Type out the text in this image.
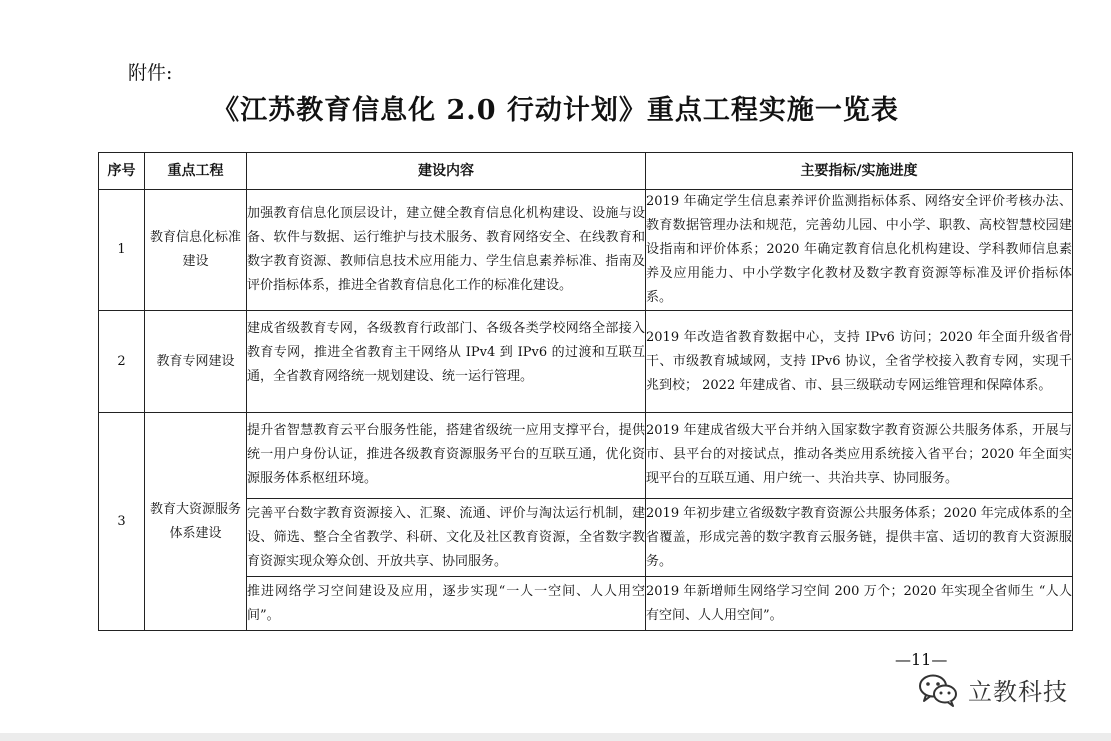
附件:
《江苏教育信息化 2.0 行动计划》重点工程实施一览表
序号	重点工程	建设内容	主要指标/实施进度
1	教育信息化标准建设	加强教育信息化顶层设计，建立健全教育信息化机构建设、设施与设备、软件与数据、运行维护与技术服务、教育网络安全、在线教育和数字教育资源、教师信息技术应用能力、学生信息素养标准、指南及评价指标体系，推进全省教育信息化工作的标准化建设。	2019 年确定学生信息素养评价监测指标体系、网络安全评价考核办法、教育数据管理办法和规范，完善幼儿园、中小学、职教、高校智慧校园建设指南和评价体系；2020 年确定教育信息化机构建设、学科教师信息素养及应用能力、中小学数字化教材及数字教育资源等标准及评价指标体系。
2	教育专网建设	建成省级教育专网，各级教育行政部门、各级各类学校网络全部接入教育专网，推进全省教育主干网络从 IPv4 到 IPv6 的过渡和互联互通，全省教育网络统一规划建设、统一运行管理。	2019 年改造省教育数据中心，支持 IPv6 访问；2020 年全面升级省骨干、市级教育城域网，支持 IPv6 协议，全省学校接入教育专网，实现千兆到校； 2022 年建成省、市、县三级联动专网运维管理和保障体系。
3	教育大资源服务体系建设	提升省智慧教育云平台服务性能，搭建省级统一应用支撑平台，提供统一用户身份认证，推进各级教育资源服务平台的互联互通，优化资源服务体系枢纽环境。	2019 年建成省级大平台并纳入国家数字教育资源公共服务体系，开展与市、县平台的对接试点，推动各类应用系统接入省平台；2020 年全面实现平台的互联互通、用户统一、共治共享、协同服务。
		完善平台数字教育资源接入、汇聚、流通、评价与淘汰运行机制，建设、筛选、整合全省教学、科研、文化及社区教育资源，全省数字教育资源实现众筹众创、开放共享、协同服务。	2019 年初步建立省级数字教育资源公共服务体系；2020 年完成体系的全省覆盖，形成完善的数字教育云服务链，提供丰富、适切的教育大资源服务。
		推进网络学习空间建设及应用，逐步实现“一人一空间、人人用空间”。	2019 年新增师生网络学习空间 200 万个；2020 年实现全省师生 “人人有空间、人人用空间”。
—11—
立教科技
